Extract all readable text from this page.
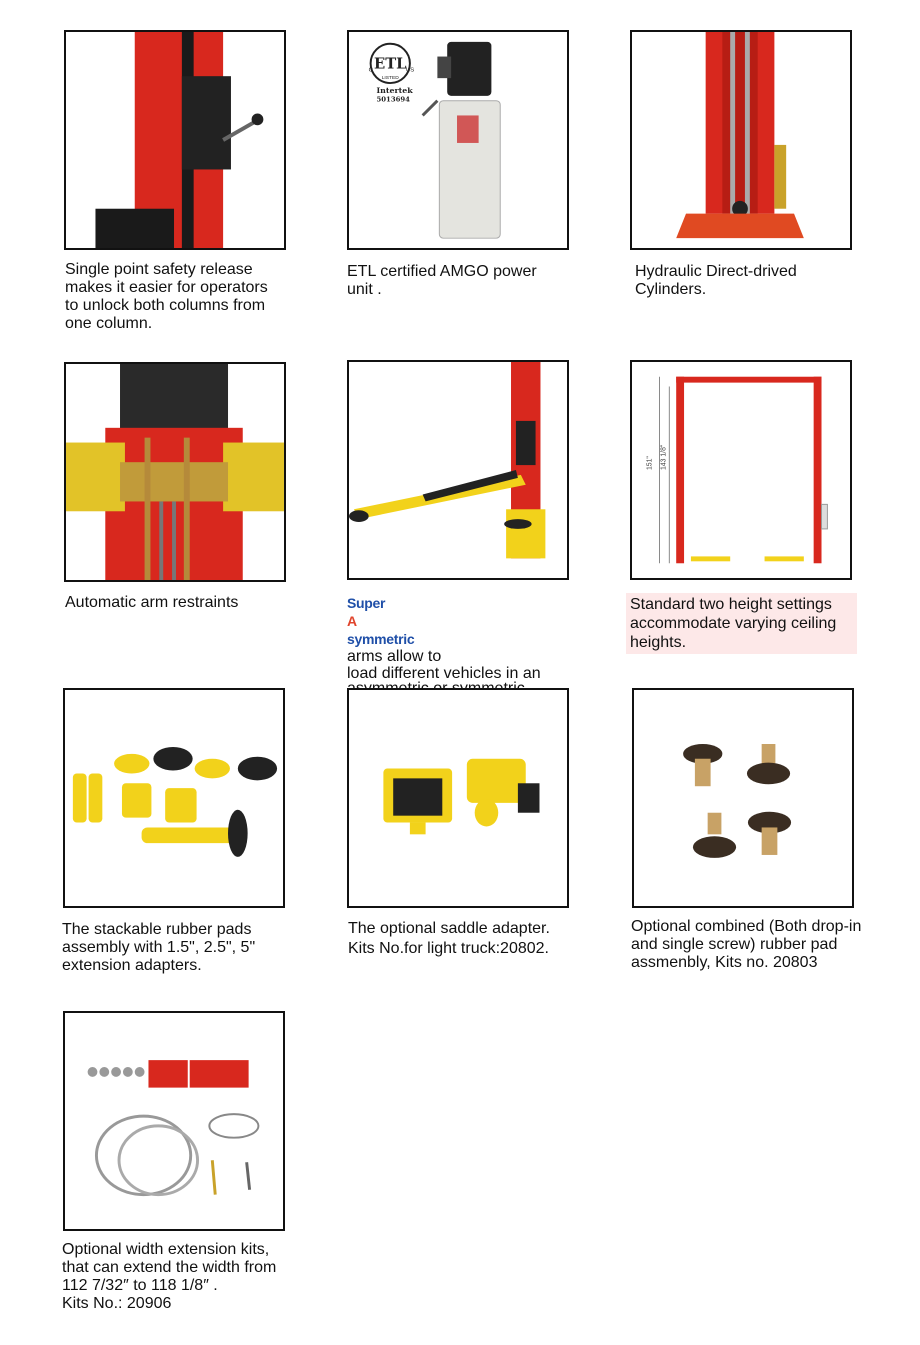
Single point safety release
makes it easier for operators
to unlock both columns from
one column.
ETL
C	US
LISTED
Intertek
5013694
ETL certified AMGO power
unit .
Hydraulic Direct-drived
Cylinders.
Automatic arm restraints	Super
A
symmetric
arms allow to
load different vehicles in an
151" 143 1/8"
Standard two height settings
accommodate varying ceiling
heights.
The stackable rubber pads
assembly with 1.5", 2.5", 5"
extension adapters.
The optional saddle adapter.
Kits No.for light truck:20802.
Optional combined (Both drop-in
and single screw) rubber pad
assmenbly, Kits no. 20803
Optional width extension kits,
that can extend the width from
112 7/32″ to 118 1/8″ .
Kits No.: 20906
